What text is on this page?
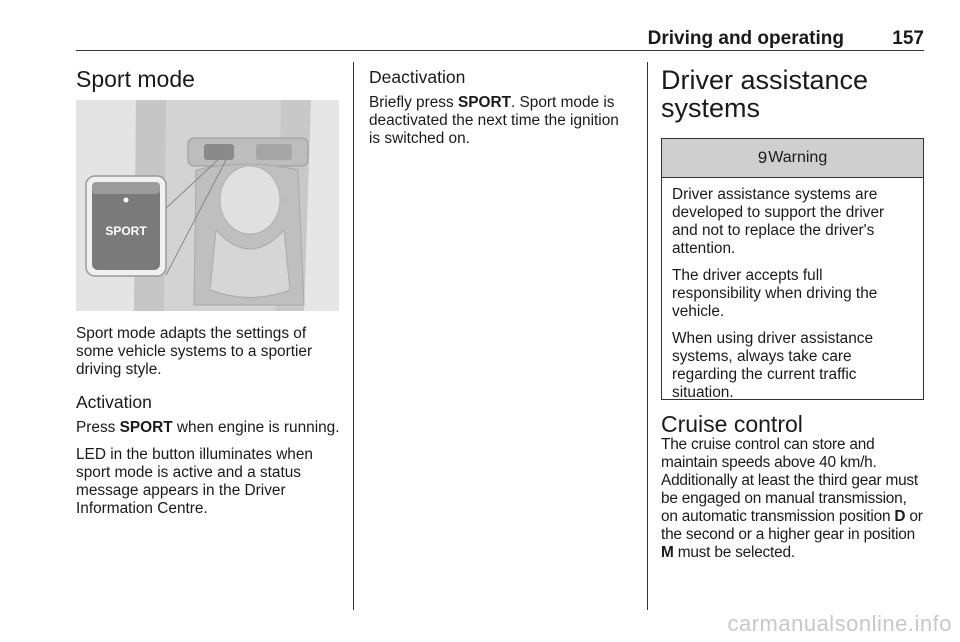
Driving and operating	157
Sport mode
SPORT

Sport mode adapts the settings of some vehicle systems to a sportier driving style.

Activation

Press SPORT when engine is running.

LED in the button illuminates when sport mode is active and a status message appears in the Driver Information Centre.

Deactivation

Briefly press SPORT. Sport mode is deactivated the next time the ignition is switched on.

Driver assistance systems
9 Warning

Driver assistance systems are developed to support the driver and not to replace the driver's attention.

The driver accepts full responsibility when driving the vehicle.

When using driver assistance systems, always take care regarding the current traffic situation.

Cruise control

The cruise control can store and maintain speeds above 40 km/h. Additionally at least the third gear must be engaged on manual transmission, on automatic transmission position D or the second or a higher gear in position M must be selected.

carmanualsonline.info
